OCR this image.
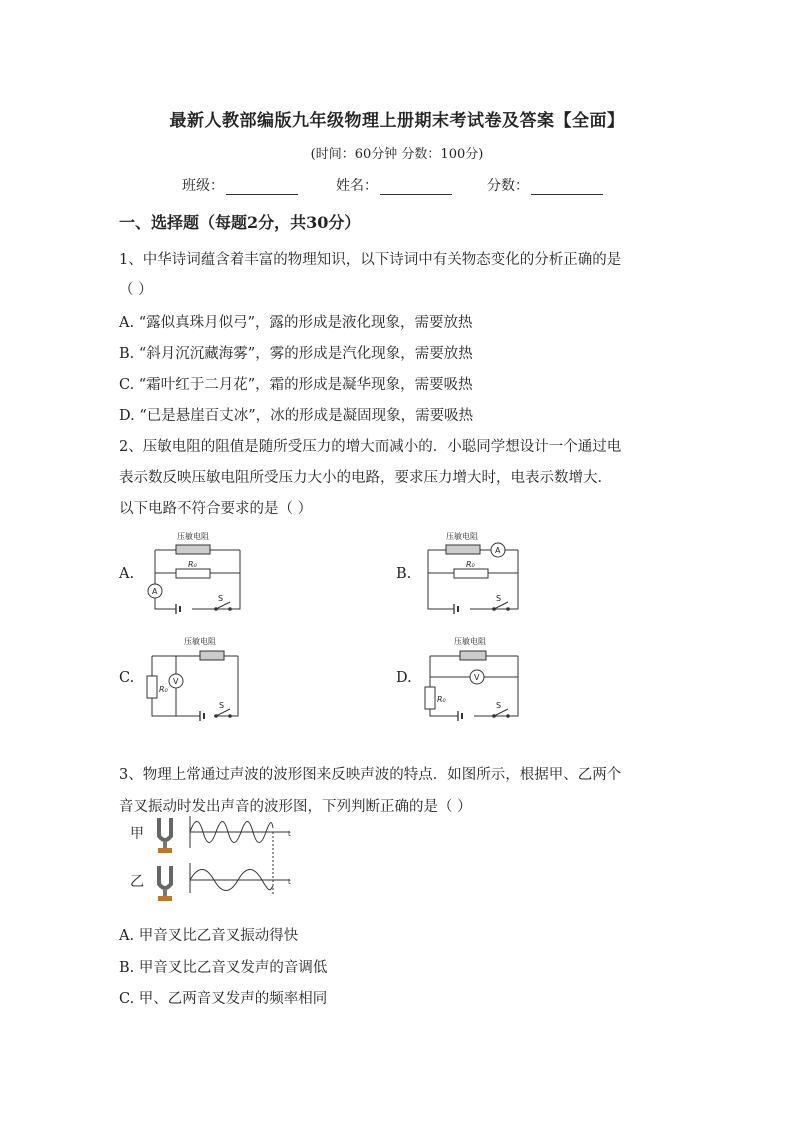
最新人教部编版九年级物理上册期末考试卷及答案【全面】
(时间：60分钟 分数：100分)
班级：	姓名：	分数：
一、选择题（每题2分，共30分）
1、中华诗词蕴含着丰富的物理知识，以下诗词中有关物态变化的分析正确的是
（ ）
A. “露似真珠月似弓”，露的形成是液化现象，需要放热
B. “斜月沉沉藏海雾”，雾的形成是汽化现象，需要放热
C. “霜叶红于二月花”，霜的形成是凝华现象，需要吸热
D. “已是悬崖百丈冰”，冰的形成是凝固现象，需要吸热
2、压敏电阻的阻值是随所受压力的增大而减小的．小聪同学想设计一个通过电
表示数反映压敏电阻所受压力大小的电路，要求压力增大时，电表示数增大．
以下电路不符合要求的是（ ）
A.	B.
C.	D.
压敏电阻
R₀
A
S
压敏电阻
R₀
A
S
压敏电阻
R₀
V
S
压敏电阻
R₀
V
S
3、物理上常通过声波的波形图来反映声波的特点．如图所示，根据甲、乙两个
音叉振动时发出声音的波形图，下列判断正确的是（ ）
甲
乙
t
t
A. 甲音叉比乙音叉振动得快
B. 甲音叉比乙音叉发声的音调低
C. 甲、乙两音叉发声的频率相同
